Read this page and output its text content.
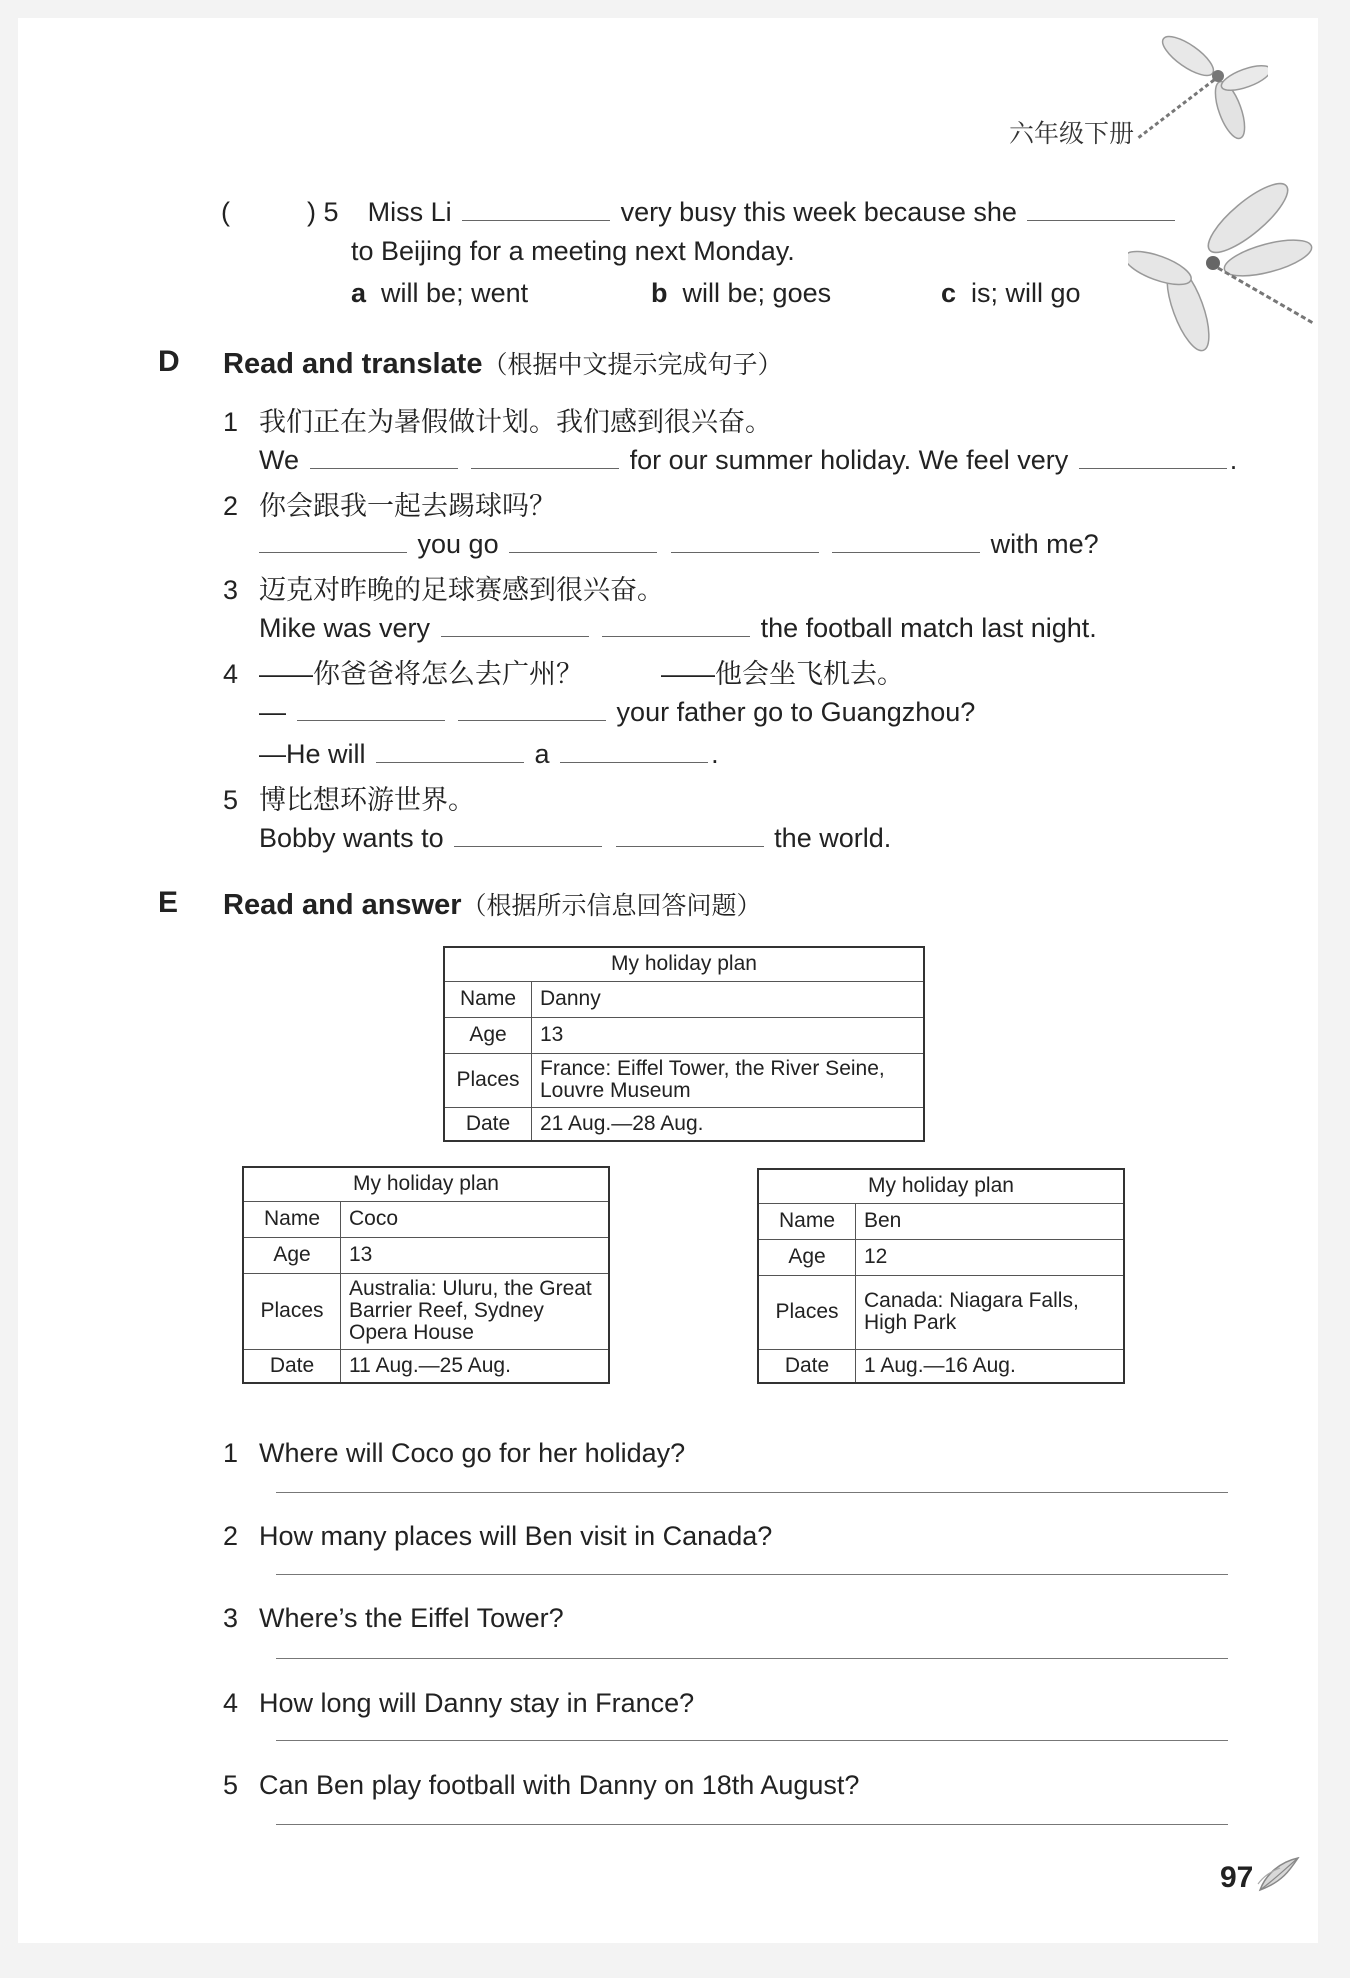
六年级下册
(	) 5 Miss Li	very busy this week because she
to Beijing for a meeting next Monday.
a will be; went	b will be; goes	c is; will go
D Read and translate（根据中文提示完成句子）
1 我们正在为暑假做计划。我们感到很兴奋。
We	for our summer holiday. We feel very	.
2 你会跟我一起去踢球吗？
you go	with me?
3 迈克对昨晚的足球赛感到很兴奋。
Mike was very	the football match last night.
4 ——你爸爸将怎么去广州？	——他会坐飞机去。
—	your father go to Guangzhou?
—He will	a	.
5 博比想环游世界。
Bobby wants to	the world.
E Read and answer（根据所示信息回答问题）
My holiday plan	
Name	Danny
Age	13
Places	France: Eiffel Tower, the River Seine, Louvre Museum
Date	21 Aug.—28 Aug.
My holiday plan	
Name	Coco
Age	13
Places	Australia: Uluru, the Great Barrier Reef, Sydney Opera House
Date	11 Aug.—25 Aug.
My holiday plan	
Name	Ben
Age	12
Places	Canada: Niagara Falls, High Park
Date	1 Aug.—16 Aug.
1 Where will Coco go for her holiday?
2 How many places will Ben visit in Canada?
3 Where’s the Eiffel Tower?
4 How long will Danny stay in France?
5 Can Ben play football with Danny on 18th August?
97
